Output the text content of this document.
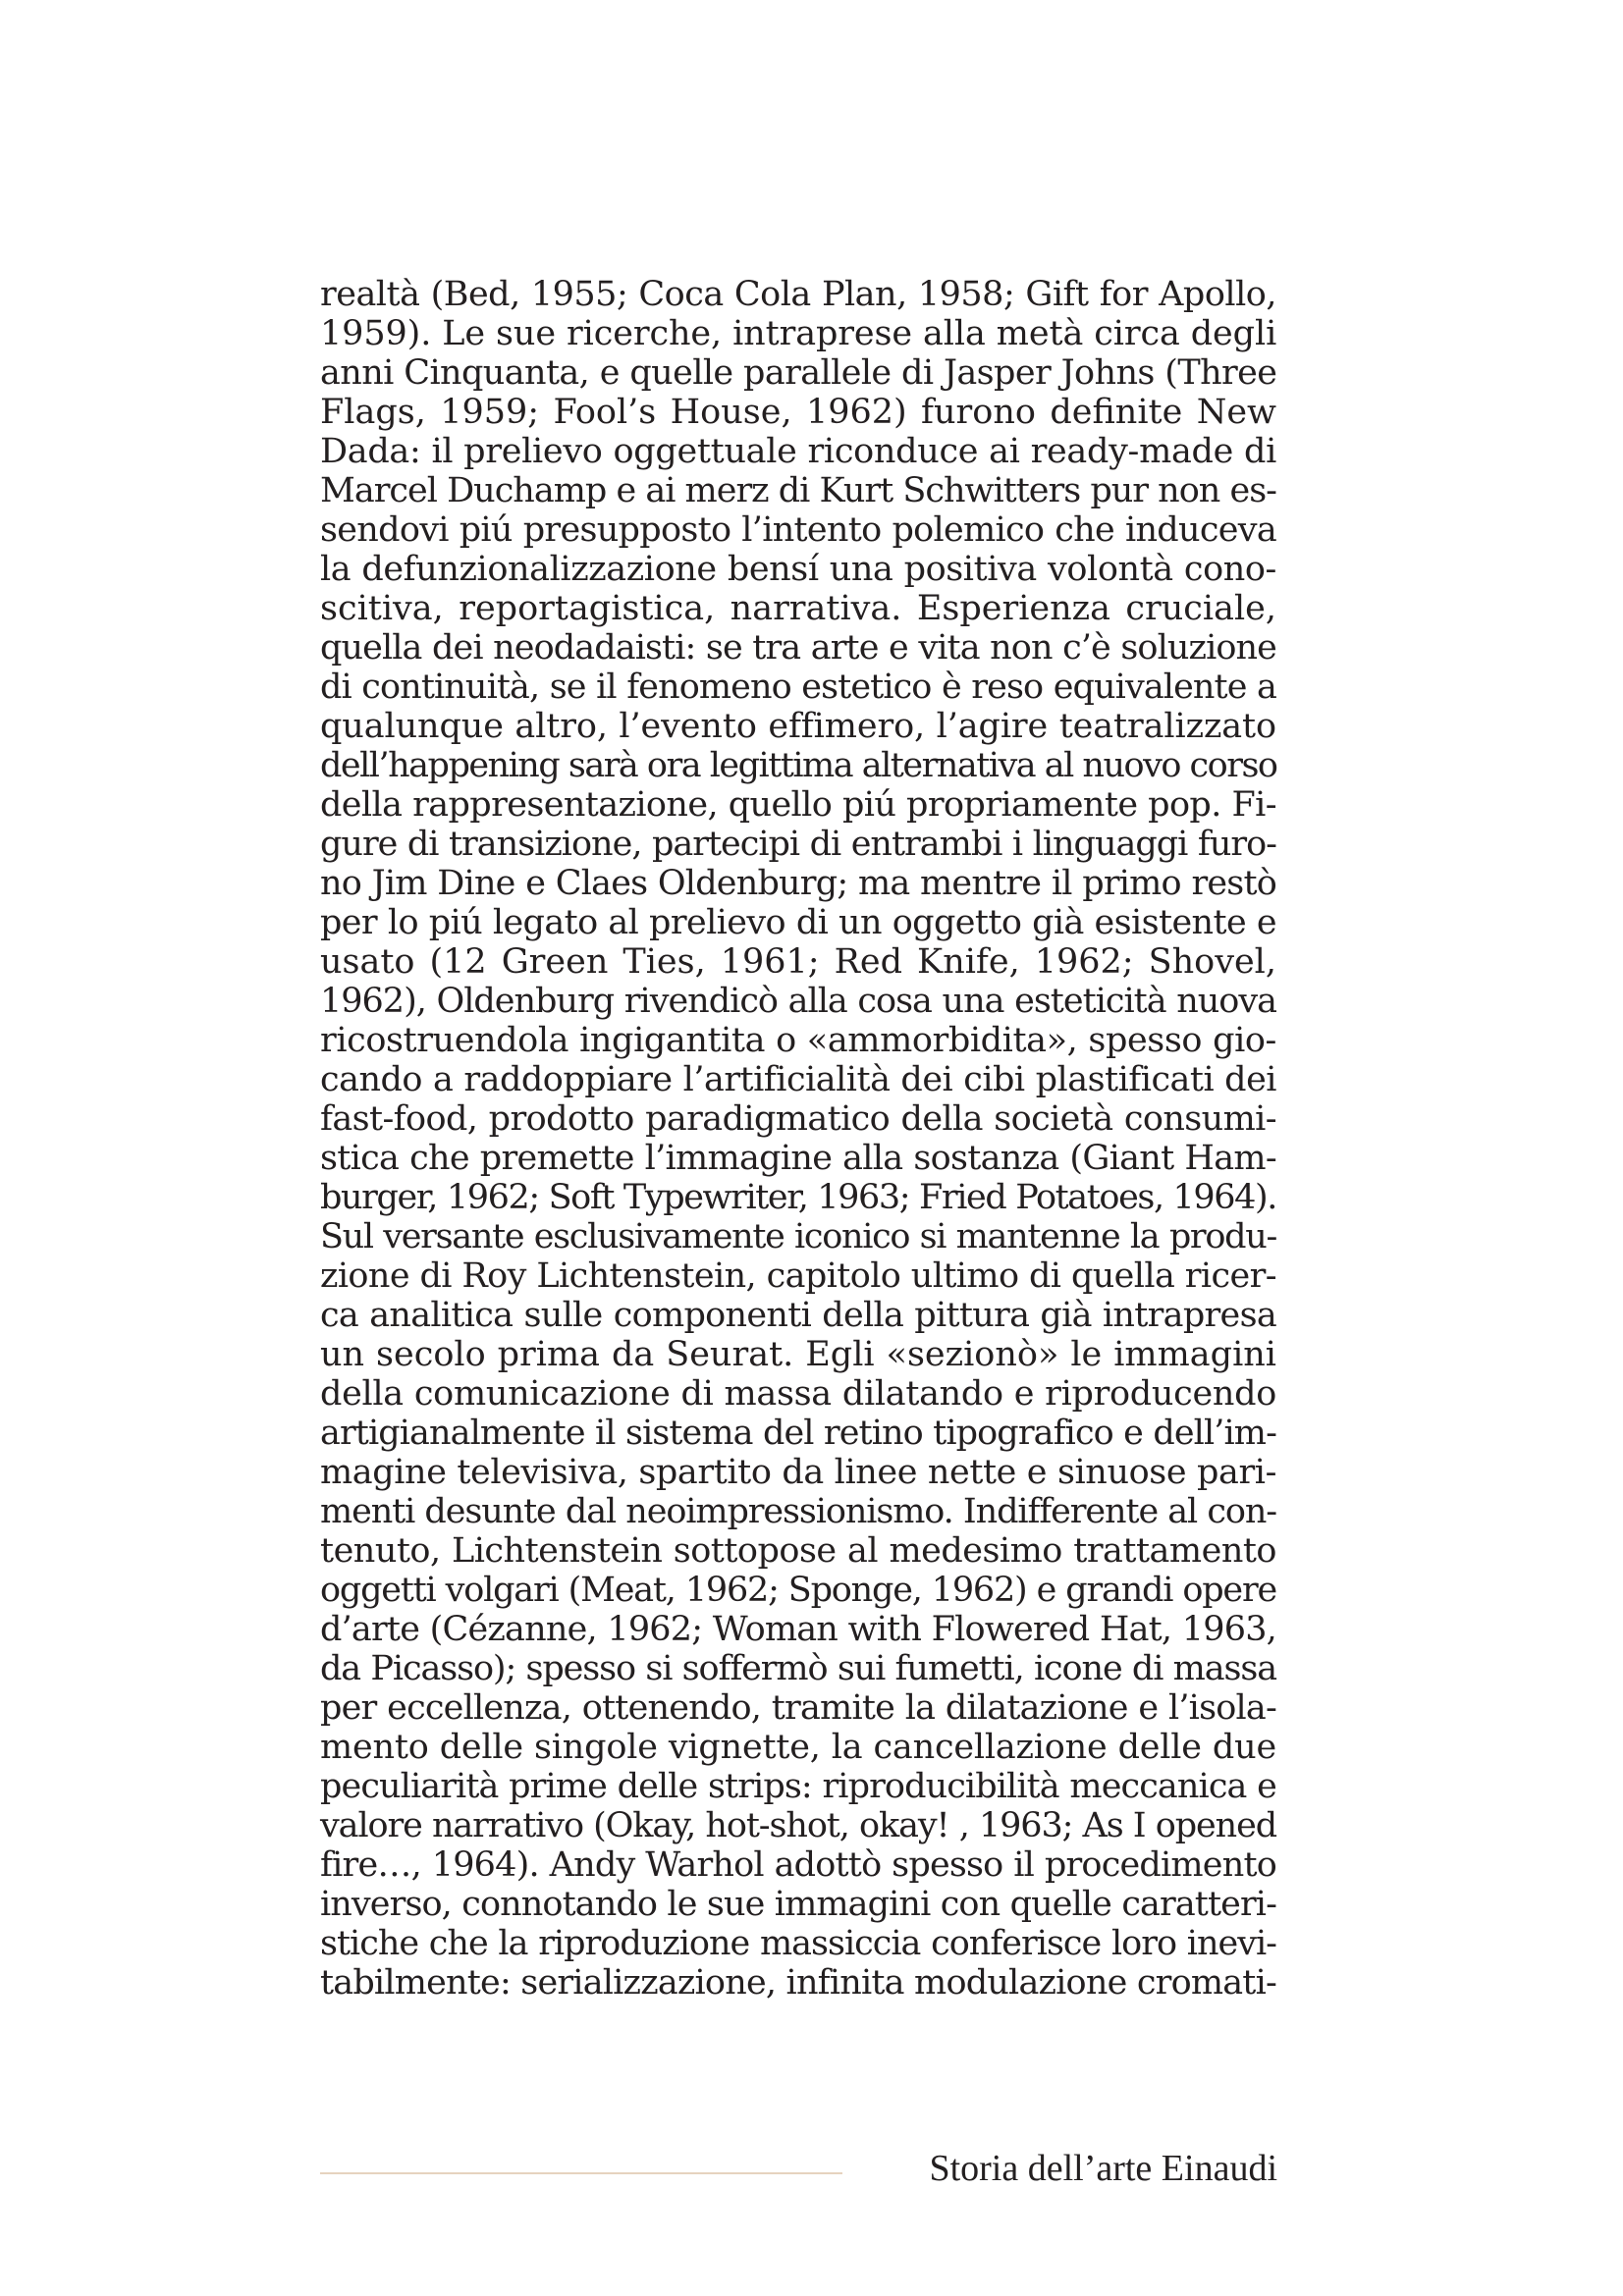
realtà (Bed, 1955; Coca Cola Plan, 1958; Gift for Apollo,
1959). Le sue ricerche, intraprese alla metà circa degli
anni Cinquanta, e quelle parallele di Jasper Johns (Three
Flags, 1959; Fool’s House, 1962) furono definite New
Dada: il prelievo oggettuale riconduce ai ready-made di
Marcel Duchamp e ai merz di Kurt Schwitters pur non es-
sendovi piú presupposto l’intento polemico che induceva
la defunzionalizzazione bensí una positiva volontà cono-
scitiva, reportagistica, narrativa. Esperienza cruciale,
quella dei neodadaisti: se tra arte e vita non c’è soluzione
di continuità, se il fenomeno estetico è reso equivalente a
qualunque altro, l’evento effimero, l’agire teatralizzato
dell’happening sarà ora legittima alternativa al nuovo corso
della rappresentazione, quello piú propriamente pop. Fi-
gure di transizione, partecipi di entrambi i linguaggi furo-
no Jim Dine e Claes Oldenburg; ma mentre il primo restò
per lo piú legato al prelievo di un oggetto già esistente e
usato (12 Green Ties, 1961; Red Knife, 1962; Shovel,
1962), Oldenburg rivendicò alla cosa una esteticità nuova
ricostruendola ingigantita o «ammorbidita», spesso gio-
cando a raddoppiare l’artificialità dei cibi plastificati dei
fast-food, prodotto paradigmatico della società consumi-
stica che premette l’immagine alla sostanza (Giant Ham-
burger, 1962; Soft Typewriter, 1963; Fried Potatoes, 1964).
Sul versante esclusivamente iconico si mantenne la produ-
zione di Roy Lichtenstein, capitolo ultimo di quella ricer-
ca analitica sulle componenti della pittura già intrapresa
un secolo prima da Seurat. Egli «sezionò» le immagini
della comunicazione di massa dilatando e riproducendo
artigianalmente il sistema del retino tipografico e dell’im-
magine televisiva, spartito da linee nette e sinuose pari-
menti desunte dal neoimpressionismo. Indifferente al con-
tenuto, Lichtenstein sottopose al medesimo trattamento
oggetti volgari (Meat, 1962; Sponge, 1962) e grandi opere
d’arte (Cézanne, 1962; Woman with Flowered Hat, 1963,
da Picasso); spesso si soffermò sui fumetti, icone di massa
per eccellenza, ottenendo, tramite la dilatazione e l’isola-
mento delle singole vignette, la cancellazione delle due
peculiarità prime delle strips: riproducibilità meccanica e
valore narrativo (Okay, hot-shot, okay! , 1963; As I opened
fire…, 1964). Andy Warhol adottò spesso il procedimento
inverso, connotando le sue immagini con quelle caratteri-
stiche che la riproduzione massiccia conferisce loro inevi-
tabilmente: serializzazione, infinita modulazione cromati-
Storia dell’arte Einaudi
